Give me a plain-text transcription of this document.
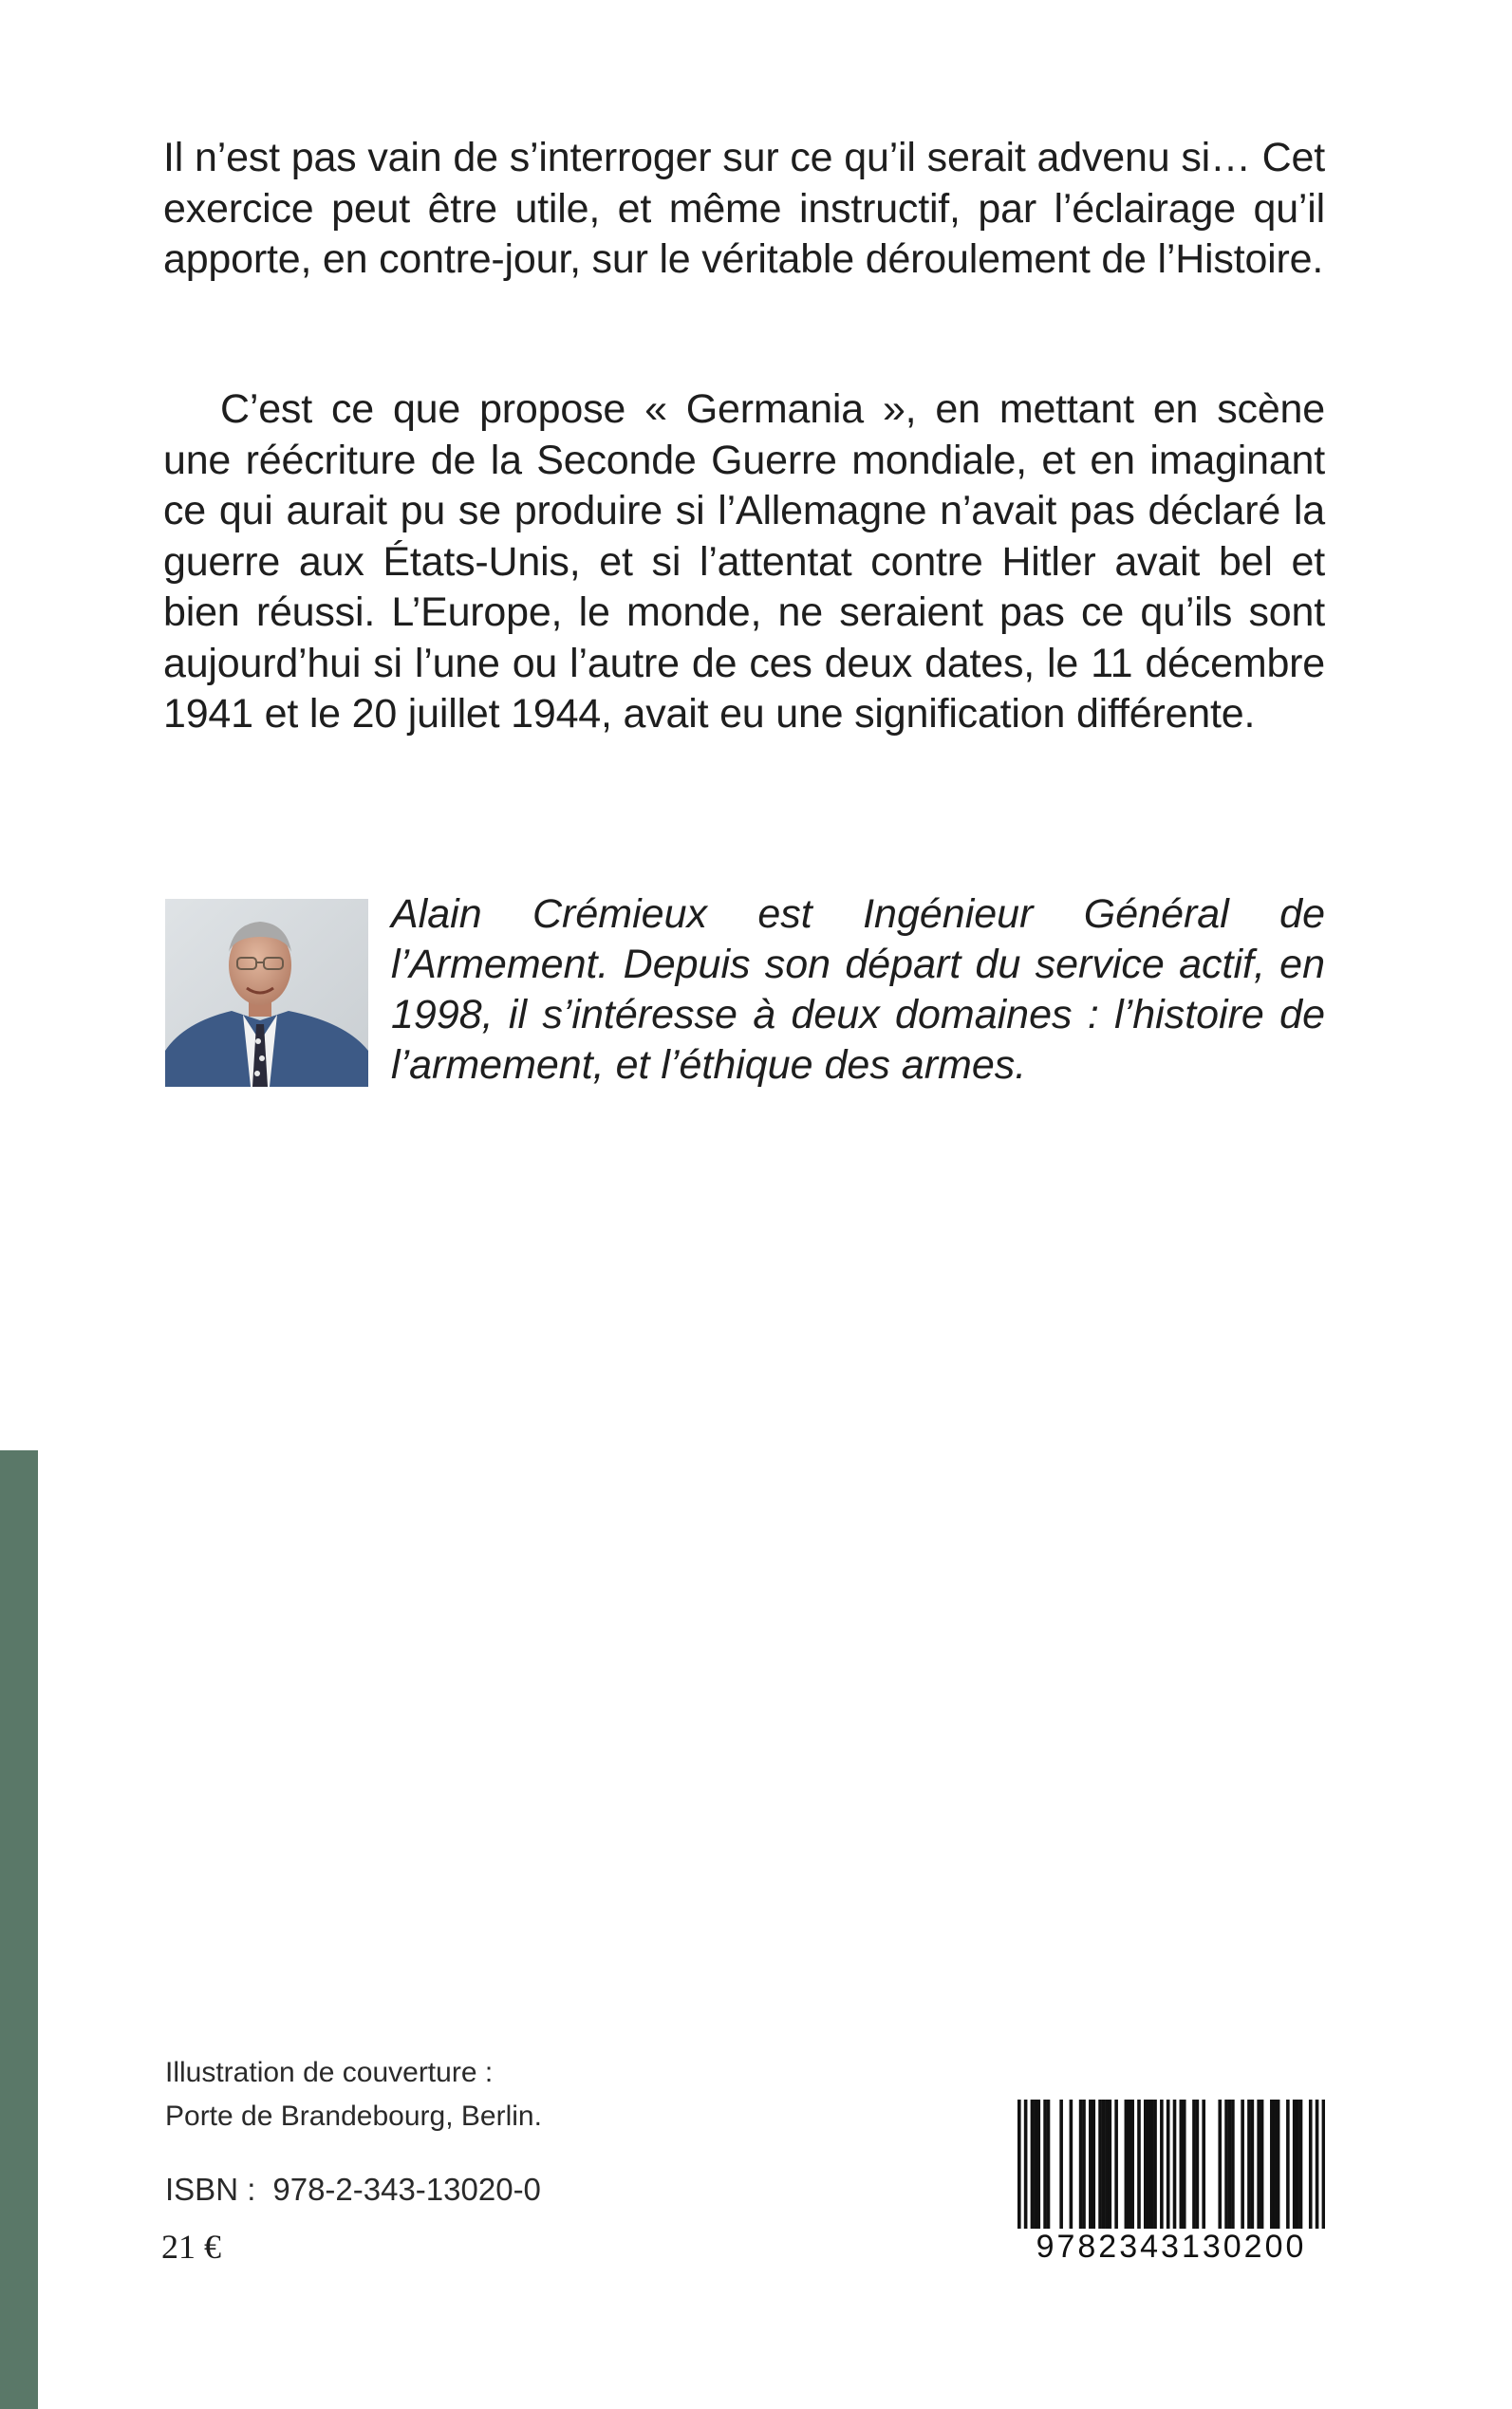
Il n’est pas vain de s’interroger sur ce qu’il serait advenu si… Cet exercice peut être utile, et même instructif, par l’éclairage qu’il apporte, en contre-jour, sur le véritable déroulement de l’Histoire.

C’est ce que propose « Germania », en mettant en scène une réécriture de la Seconde Guerre mondiale, et en imaginant ce qui aurait pu se produire si l’Allemagne n’avait pas déclaré la guerre aux États-Unis, et si l’attentat contre Hitler avait bel et bien réussi. L’Europe, le monde, ne seraient pas ce qu’ils sont aujourd’hui si l’une ou l’autre de ces deux dates, le 11 décembre 1941 et le 20 juillet 1944, avait eu une signification différente.

Alain Crémieux est Ingénieur Général de l’Armement. Depuis son départ du service actif, en 1998, il s’intéresse à deux domaines : l’histoire de l’armement, et l’éthique des armes.

Illustration de couverture :
Porte de Brandebourg, Berlin.
ISBN : 978-2-343-13020-0
21 €	9782343130200
